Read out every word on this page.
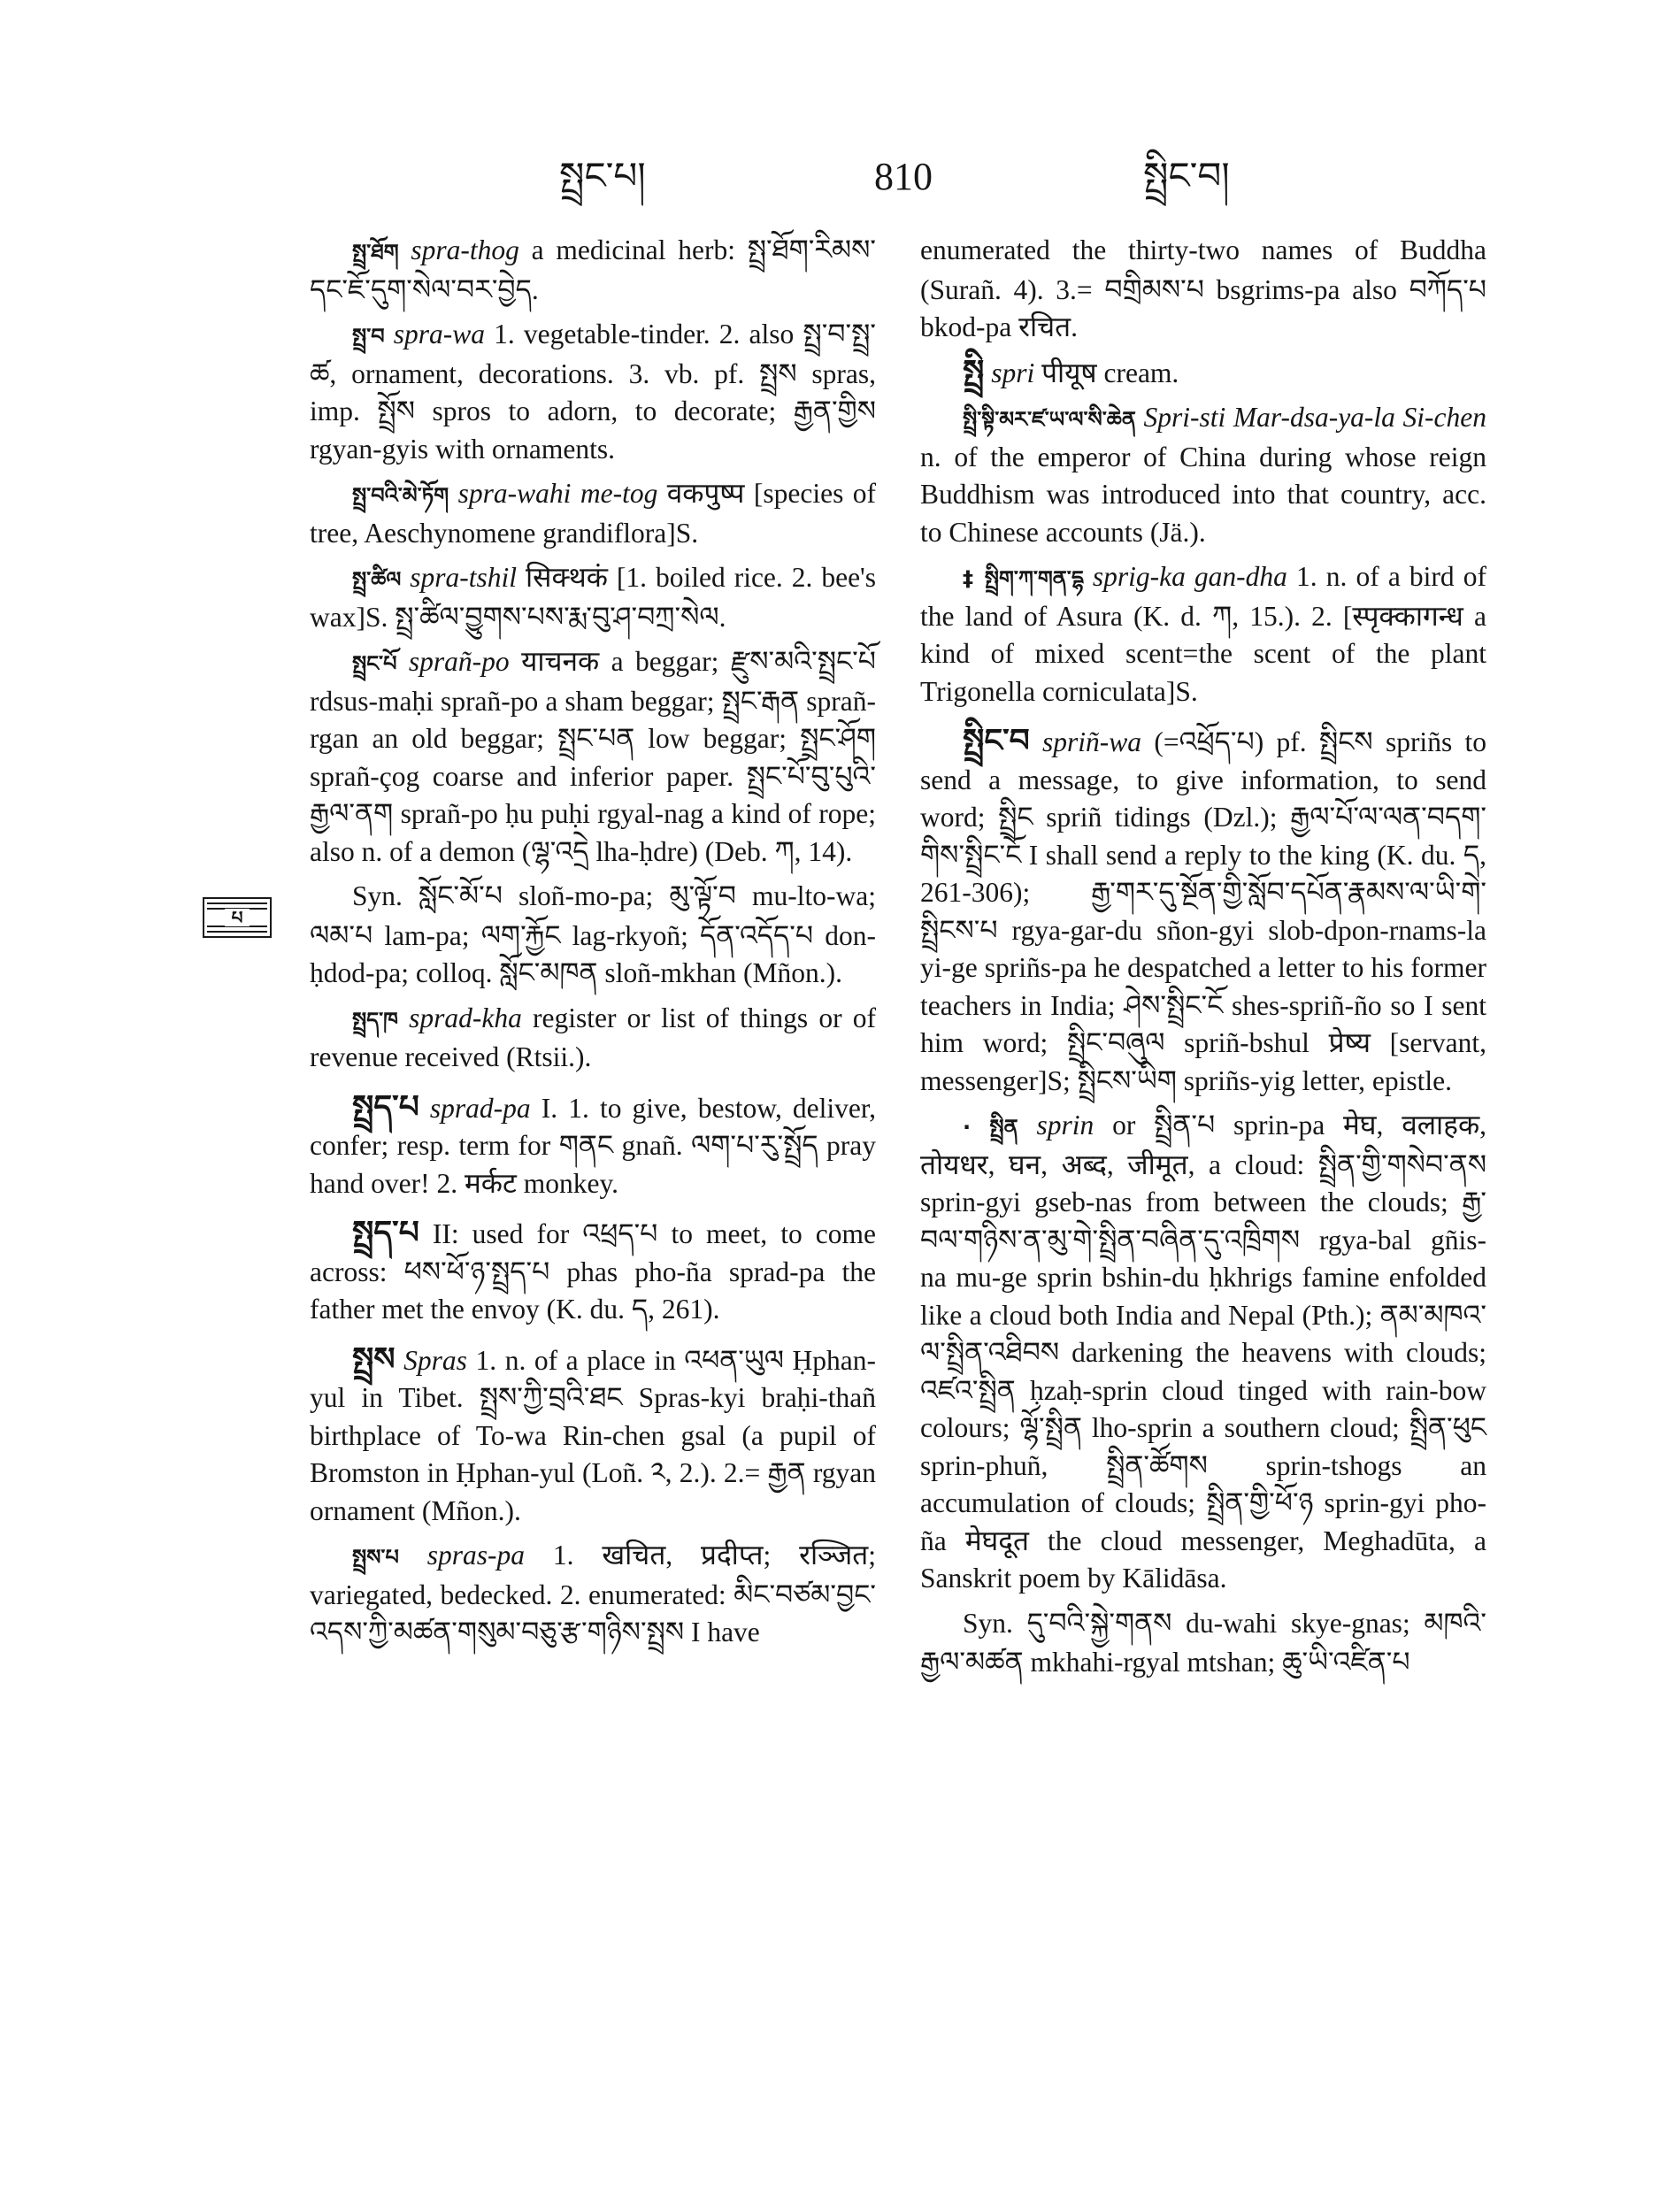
སྤྲང་པ།	810	སྤྲིང་བ།
པ

སྤྲ་ཐོག spra-thog a medicinal herb: སྤྲ་ཐོག་རིམས་དང་ཇོ་དུག་སེལ་བར་བྱེད.

སྤྲ་བ spra-wa 1. vegetable-tinder. 2. also སྤྲ་བ་སྤྲ་ཚ, ornament, decorations. 3. vb. pf. སྤྲས spras, imp. སྤྲོས spros to adorn, to decorate; རྒྱན་གྱིས rgyan-gyis with ornaments.

སྤྲ་བའི་མེ་ཏོག spra-wahi me-tog वकपुष्प [species of tree, Aeschynomene grandiflora]S.

སྤྲ་ཚིལ spra-tshil सिक्थकं [1. boiled rice. 2. bee's wax]S. སྤྲ་ཚིལ་བྱུགས་པས་རྨ་བུ་ཤ་བཀྲ་སེལ.

སྤྲང་པོ sprañ-po याचनक a beggar; རྫུས་མའི་སྤྲང་པོ rdsus-maḥi sprañ-po a sham beggar; སྤྲང་རྒན sprañ-rgan an old beggar; སྤྲང་པན low beggar; སྤྲང་ཤོག sprañ-çog coarse and inferior paper. སྤྲང་པོ་བུ་པུའི་རྒྱལ་ནག sprañ-po ḥu puḥi rgyal-nag a kind of rope; also n. of a demon (ལྷ་འདྲེ lha-ḥdre) (Deb. ཀ, 14).

Syn. སློང་མོ་པ sloñ-mo-pa; མུ་ལྟོ་བ mu-lto-wa; ལམ་པ lam-pa; ལག་རྐྱོང lag-rkyoñ; དོན་འདོད་པ don-ḥdod-pa; colloq. སློང་མཁན sloñ-mkhan (Mñon.).

སྤྲད་ཁ sprad-kha register or list of things or of revenue received (Rtsii.).

སྤྲད་པ sprad-pa I. 1. to give, bestow, deliver, confer; resp. term for གནང gnañ. ལག་པ་རུ་སྤྲོད pray hand over! 2. मर्कट monkey.

སྤྲད་པ II: used for འཕྲད་པ to meet, to come across: ཕས་ཕོ་ཉ་སྤྲད་པ phas pho-ña sprad-pa the father met the envoy (K. du. ད, 261).

སྤྲས Spras 1. n. of a place in འཕན་ཡུལ Ḥphan-yul in Tibet. སྤྲས་ཀྱི་བྲའི་ཐང Spras-kyi braḥi-thañ birthplace of To-wa Rin-chen gsal (a pupil of Bromston in Ḥphan-yul (Loñ. ༢, 2.). 2.= རྒྱན rgyan ornament (Mñon.).

སྤྲས་པ spras-pa 1. खचित, प्रदीप्त; रञ्जित; variegated, bedecked. 2. enumerated: མིང་བཙམ་བྱང་འདས་ཀྱི་མཚན་གསུམ་བཅུ་རྩ་གཉིས་སྤྲས I have

enumerated the thirty-two names of Buddha (Surañ. 4). 3.= བགྲིམས་པ bsgrims-pa also བཀོད་པ bkod-pa रचित.

སྤྲི spri पीयूष cream.

སྤྲི་སྟི་མར་ཛ་ཡ་ལ་སི་ཆེན Spri-sti Mar-dsa-ya-la Si-chen n. of the emperor of China during whose reign Buddhism was introduced into that country, acc. to Chinese accounts (Jä.).

‡ སྤྲིག་ཀ་གན་དྷ sprig-ka gan-dha 1. n. of a bird of the land of Asura (K. d. ཀ, 15.). 2. [स्पृक्कागन्ध a kind of mixed scent=the scent of the plant Trigonella corniculata]S.

སྤྲིང་བ spriñ-wa (=འཕྲོད་པ) pf. སྤྲིངས spriñs to send a message, to give information, to send word; སྤྲིང spriñ tidings (Dzl.); རྒྱལ་པོ་ལ་ལན་བདག་གིས་སྤྲིང་ངོ I shall send a reply to the king (K. du. ད, 261-306); རྒྱ་གར་དུ་སྔོན་གྱི་སློབ་དཔོན་རྣམས་ལ་ཡི་གེ་སྤྲིངས་པ rgya-gar-du sñon-gyi slob-dpon-rnams-la yi-ge spriñs-pa he despatched a letter to his former teachers in India; ཤེས་སྤྲིང་ངོ shes-spriñ-ño so I sent him word; སྤྲིང་བཞུལ spriñ-bshul प्रेष्य [servant, messenger]S; སྤྲིངས་ཡིག spriñs-yig letter, epistle.

· སྤྲིན sprin or སྤྲིན་པ sprin-pa मेघ, वलाहक, तोयधर, घन, अब्द, जीमूत, a cloud: སྤྲིན་གྱི་གསེབ་ནས sprin-gyi gseb-nas from between the clouds; རྒྱ་བལ་གཉིས་ན་མུ་གེ་སྤྲིན་བཞིན་དུ་འཁྲིགས rgya-bal gñis-na mu-ge sprin bshin-du ḥkhrigs famine enfolded like a cloud both India and Nepal (Pth.); ནམ་མཁའ་ལ་སྤྲིན་འཐིབས darkening the heavens with clouds; འཛའ་སྤྲིན ḥzaḥ-sprin cloud tinged with rain-bow colours; ལྷོ་སྤྲིན lho-sprin a southern cloud; སྤྲིན་ཕུང sprin-phuñ, སྤྲིན་ཚོགས sprin-tshogs an accumulation of clouds; སྤྲིན་གྱི་ཕོ་ཉ sprin-gyi pho-ña मेघदूत the cloud messenger, Meghadūta, a Sanskrit poem by Kālidāsa.

Syn. དུ་བའི་སྐྱེ་གནས du-wahi skye-gnas; མཁའི་རྒྱལ་མཚན mkhahi-rgyal mtshan; ཆུ་ཡི་འཛིན་པ
